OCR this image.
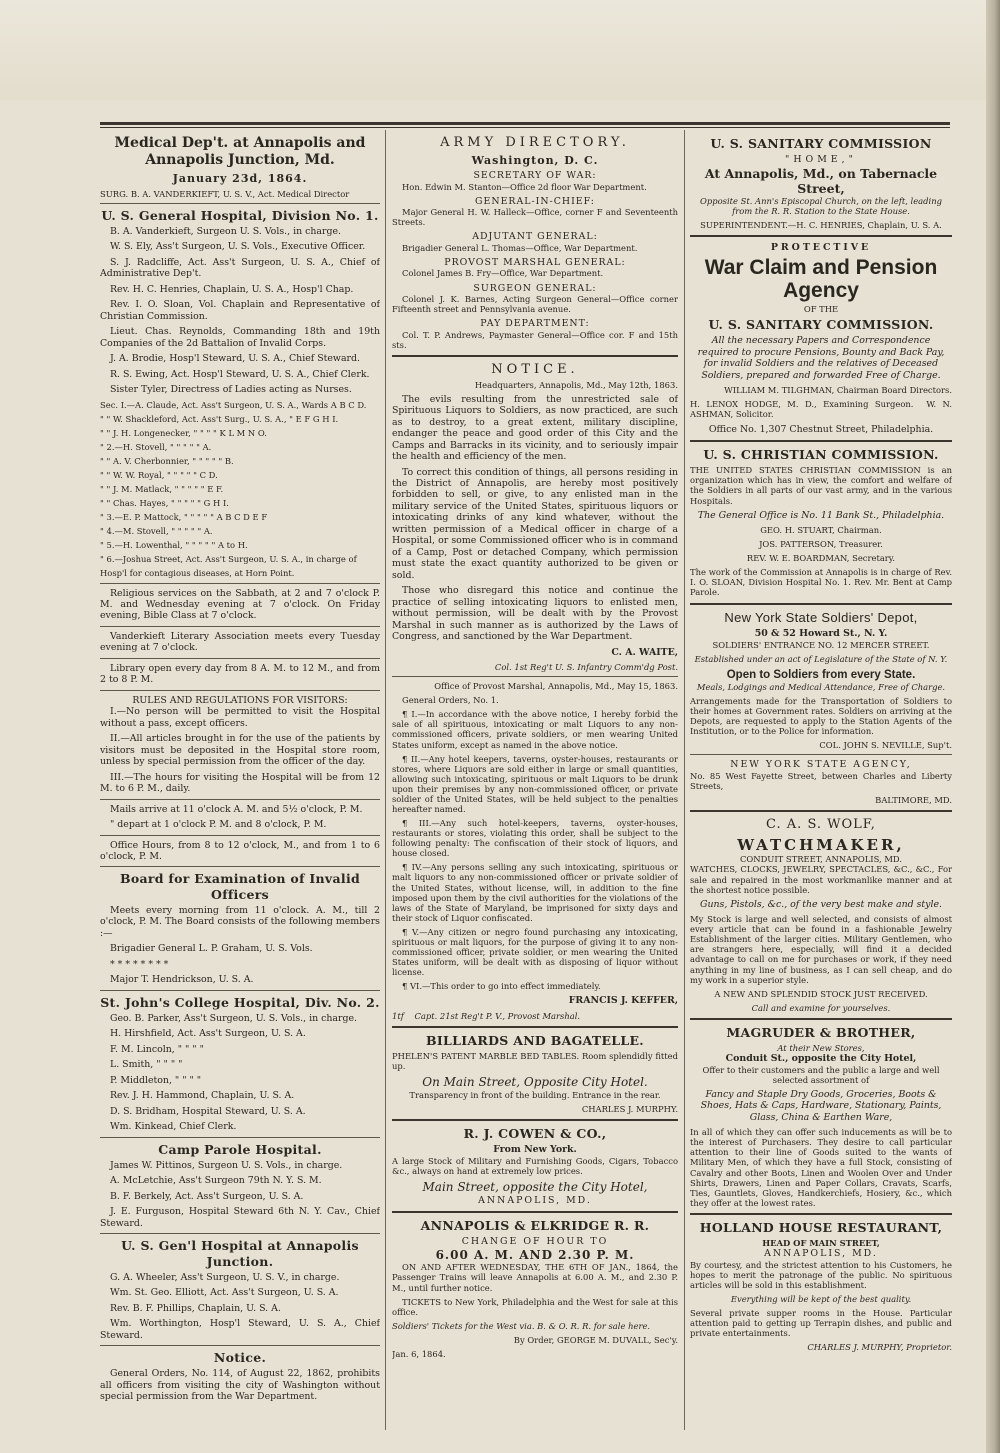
Medical Dep't. at Annapolis and Annapolis Junction, Md.
January 23d, 1864.

SURG. B. A. VANDERKIEFT, U. S. V., Act. Medical Director

U. S. General Hospital, Division No. 1.

B. A. Vanderkieft, Surgeon U. S. Vols., in charge.

W. S. Ely, Ass't Surgeon, U. S. Vols., Executive Officer.

S. J. Radcliffe, Act. Ass't Surgeon, U. S. A., Chief of Administrative Dep't.

Rev. H. C. Henries, Chaplain, U. S. A., Hosp'l Chap.

Rev. I. O. Sloan, Vol. Chaplain and Representative of Christian Commission.

Lieut. Chas. Reynolds, Commanding 18th and 19th Companies of the 2d Battalion of Invalid Corps.

J. A. Brodie, Hosp'l Steward, U. S. A., Chief Steward.

R. S. Ewing, Act. Hosp'l Steward, U. S. A., Chief Clerk.

Sister Tyler, Directress of Ladies acting as Nurses.

Sec. I.—A. Claude, Act. Ass't Surgeon, U. S. A., Wards A B C D.

" " W. Shackleford, Act. Ass't Surg., U. S. A., " E F G H I.

" " J. H. Longenecker, " " " " K L M N O.

" 2.—H. Stovell, " " " " " A.

" " A. V. Cherbonnier, " " " " " B.

" " W. W. Royal, " " " " " C D.

" " J. M. Matlack, " " " " " E F.

" " Chas. Hayes, " " " " " G H I.

" 3.—E. P. Mattock, " " " " " A B C D E F

" 4.—M. Stovell, " " " " " A.

" 5.—H. Lowenthal, " " " " " A to H.

" 6.—Joshua Street, Act. Ass't Surgeon, U. S. A., in charge of

Hosp'l for contagious diseases, at Horn Point.

Religious services on the Sabbath, at 2 and 7 o'clock P. M. and Wednesday evening at 7 o'clock. On Friday evening, Bible Class at 7 o'clock.

Vanderkieft Literary Association meets every Tuesday evening at 7 o'clock.

Library open every day from 8 A. M. to 12 M., and from 2 to 8 P. M.

RULES AND REGULATIONS FOR VISITORS:

I.—No person will be permitted to visit the Hospital without a pass, except officers.

II.—All articles brought in for the use of the patients by visitors must be deposited in the Hospital store room, unless by special permission from the officer of the day.

III.—The hours for visiting the Hospital will be from 12 M. to 6 P. M., daily.

Mails arrive at 11 o'clock A. M. and 5½ o'clock, P. M.

" depart at 1 o'clock P. M. and 8 o'clock, P. M.

Office Hours, from 8 to 12 o'clock, M., and from 1 to 6 o'clock, P. M.

Board for Examination of Invalid Officers

Meets every morning from 11 o'clock. A. M., till 2 o'clock, P. M. The Board consists of the following members :—

Brigadier General L. P. Graham, U. S. Vols.

* * * * * * * *

Major T. Hendrickson, U. S. A.

St. John's College Hospital, Div. No. 2.

Geo. B. Parker, Ass't Surgeon, U. S. Vols., in charge.

H. Hirshfield, Act. Ass't Surgeon, U. S. A.

F. M. Lincoln, " " " "

L. Smith, " " " "

P. Middleton, " " " "

Rev. J. H. Hammond, Chaplain, U. S. A.

D. S. Bridham, Hospital Steward, U. S. A.

Wm. Kinkead, Chief Clerk.

Camp Parole Hospital.

James W. Pittinos, Surgeon U. S. Vols., in charge.

A. McLetchie, Ass't Surgeon 79th N. Y. S. M.

B. F. Berkely, Act. Ass't Surgeon, U. S. A.

J. E. Furguson, Hospital Steward 6th N. Y. Cav., Chief Steward.

U. S. Gen'l Hospital at Annapolis Junction.

G. A. Wheeler, Ass't Surgeon, U. S. V., in charge.

Wm. St. Geo. Elliott, Act. Ass't Surgeon, U. S. A.

Rev. B. F. Phillips, Chaplain, U. S. A.

Wm. Worthington, Hosp'l Steward, U. S. A., Chief Steward.

Notice.

General Orders, No. 114, of August 22, 1862, prohibits all officers from visiting the city of Washington without special permission from the War Department.

ARMY DIRECTORY.
Washington, D. C.
SECRETARY OF WAR:

Hon. Edwin M. Stanton—Office 2d floor War Department.

GENERAL-IN-CHIEF:

Major General H. W. Halleck—Office, corner F and Seventeenth Streets.

ADJUTANT GENERAL:

Brigadier General L. Thomas—Office, War Department.

PROVOST MARSHAL GENERAL:

Colonel James B. Fry—Office, War Department.

SURGEON GENERAL:

Colonel J. K. Barnes, Acting Surgeon General—Office corner Fifteenth street and Pennsylvania avenue.

PAY DEPARTMENT:

Col. T. P. Andrews, Paymaster General—Office cor. F and 15th sts.

NOTICE.

Headquarters, Annapolis, Md., May 12th, 1863.

The evils resulting from the unrestricted sale of Spirituous Liquors to Soldiers, as now practiced, are such as to destroy, to a great extent, military discipline, endanger the peace and good order of this City and the Camps and Barracks in its vicinity, and to seriously impair the health and efficiency of the men.

To correct this condition of things, all persons residing in the District of Annapolis, are hereby most positively forbidden to sell, or give, to any enlisted man in the military service of the United States, spirituous liquors or intoxicating drinks of any kind whatever, without the written permission of a Medical officer in charge of a Hospital, or some Commissioned officer who is in command of a Camp, Post or detached Company, which permission must state the exact quantity authorized to be given or sold.

Those who disregard this notice and continue the practice of selling intoxicating liquors to enlisted men, without permission, will be dealt with by the Provost Marshal in such manner as is authorized by the Laws of Congress, and sanctioned by the War Department.

C. A. WAITE,

Col. 1st Reg't U. S. Infantry Comm'dg Post.

Office of Provost Marshal, Annapolis, Md., May 15, 1863.

General Orders, No. 1.

¶ I.—In accordance with the above notice, I hereby forbid the sale of all spirituous, intoxicating or malt Liquors to any non-commissioned officers, private soldiers, or men wearing United States uniform, except as named in the above notice.

¶ II.—Any hotel keepers, taverns, oyster-houses, restaurants or stores, where Liquors are sold either in large or small quantities, allowing such intoxicating, spirituous or malt Liquors to be drunk upon their premises by any non-commissioned officer, or private soldier of the United States, will be held subject to the penalties hereafter named.

¶ III.—Any such hotel-keepers, taverns, oyster-houses, restaurants or stores, violating this order, shall be subject to the following penalty: The confiscation of their stock of liquors, and house closed.

¶ IV.—Any persons selling any such intoxicating, spirituous or malt liquors to any non-commissioned officer or private soldier of the United States, without license, will, in addition to the fine imposed upon them by the civil authorities for the violations of the laws of the State of Maryland, be imprisoned for sixty days and their stock of Liquor confiscated.

¶ V.—Any citizen or negro found purchasing any intoxicating, spirituous or malt liquors, for the purpose of giving it to any non-commissioned officer, private soldier, or men wearing the United States uniform, will be dealt with as disposing of liquor without license.

¶ VI.—This order to go into effect immediately.

FRANCIS J. KEFFER,

1tf Capt. 21st Reg't P. V., Provost Marshal.

BILLIARDS AND BAGATELLE.

PHELEN'S PATENT MARBLE BED TABLES. Room splendidly fitted up.

On Main Street, Opposite City Hotel.

Transparency in front of the building. Entrance in the rear.

CHARLES J. MURPHY.

R. J. COWEN & CO.,
From New York.

A large Stock of Military and Furnishing Goods, Cigars, Tobacco &c., always on hand at extremely low prices.

Main Street, opposite the City Hotel,
ANNAPOLIS, MD.
ANNAPOLIS & ELKRIDGE R. R.
CHANGE OF HOUR TO
6.00 A. M. AND 2.30 P. M.

ON AND AFTER WEDNESDAY, THE 6TH OF JAN., 1864, the Passenger Trains will leave Annapolis at 6.00 A. M., and 2.30 P. M., until further notice.

TICKETS to New York, Philadelphia and the West for sale at this office.

Soldiers' Tickets for the West via. B. & O. R. R. for sale here.

By Order, GEORGE M. DUVALL, Sec'y.

Jan. 6, 1864.

U. S. SANITARY COMMISSION
"HOME,"
At Annapolis, Md., on Tabernacle Street,

Opposite St. Ann's Episcopal Church, on the left, leading from the R. R. Station to the State House.

SUPERINTENDENT.—H. C. HENRIES, Chaplain, U. S. A.

PROTECTIVE
War Claim and Pension Agency
OF THE
U. S. SANITARY COMMISSION.

All the necessary Papers and Correspondence required to procure Pensions, Bounty and Back Pay, for invalid Soldiers and the relatives of Deceased Soldiers, prepared and forwarded Free of Charge.

WILLIAM M. TILGHMAN, Chairman Board Directors.

H. LENOX HODGE, M. D., Examining Surgeon. W. N. ASHMAN, Solicitor.

Office No. 1,307 Chestnut Street, Philadelphia.

U. S. CHRISTIAN COMMISSION.

THE UNITED STATES CHRISTIAN COMMISSION is an organization which has in view, the comfort and welfare of the Soldiers in all parts of our vast army, and in the various Hospitals.

The General Office is No. 11 Bank St., Philadelphia.

GEO. H. STUART, Chairman.

JOS. PATTERSON, Treasurer.

REV. W. E. BOARDMAN, Secretary.

The work of the Commission at Annapolis is in charge of Rev. I. O. SLOAN, Division Hospital No. 1. Rev. Mr. Bent at Camp Parole.

New York State Soldiers' Depot,
50 & 52 Howard St., N. Y.

SOLDIERS' ENTRANCE NO. 12 MERCER STREET.

Established under an act of Legislature of the State of N. Y.

Open to Soldiers from every State.

Meals, Lodgings and Medical Attendance, Free of Charge.

Arrangements made for the Transportation of Soldiers to their homes at Government rates. Soldiers on arriving at the Depots, are requested to apply to the Station Agents of the Institution, or to the Police for information.

COL. JOHN S. NEVILLE, Sup't.

NEW YORK STATE AGENCY,

No. 85 West Fayette Street, between Charles and Liberty Streets,

BALTIMORE, MD.

C. A. S. WOLF,
WATCHMAKER,
CONDUIT STREET, ANNAPOLIS, MD.

WATCHES, CLOCKS, JEWELRY, SPECTACLES, &C., &C., For sale and repaired in the most workmanlike manner and at the shortest notice possible.

Guns, Pistols, &c., of the very best make and style.

My Stock is large and well selected, and consists of almost every article that can be found in a fashionable Jewelry Establishment of the larger cities. Military Gentlemen, who are strangers here, especially, will find it a decided advantage to call on me for purchases or work, if they need anything in my line of business, as I can sell cheap, and do my work in a superior style.

A NEW AND SPLENDID STOCK JUST RECEIVED.

Call and examine for yourselves.

MAGRUDER & BROTHER,
At their New Stores,
Conduit St., opposite the City Hotel,

Offer to their customers and the public a large and well selected assortment of

Fancy and Staple Dry Goods, Groceries, Boots & Shoes, Hats & Caps, Hardware, Stationary, Paints, Glass, China & Earthen Ware,

In all of which they can offer such inducements as will be to the interest of Purchasers. They desire to call particular attention to their line of Goods suited to the wants of Military Men, of which they have a full Stock, consisting of Cavalry and other Boots, Linen and Woolen Over and Under Shirts, Drawers, Linen and Paper Collars, Cravats, Scarfs, Ties, Gauntlets, Gloves, Handkerchiefs, Hosiery, &c., which they offer at the lowest rates.

HOLLAND HOUSE RESTAURANT,
HEAD OF MAIN STREET,
ANNAPOLIS, MD.

By courtesy, and the strictest attention to his Customers, he hopes to merit the patronage of the public. No spirituous articles will be sold in this establishment.

Everything will be kept of the best quality.

Several private supper rooms in the House. Particular attention paid to getting up Terrapin dishes, and public and private entertainments.

CHARLES J. MURPHY, Proprietor.
